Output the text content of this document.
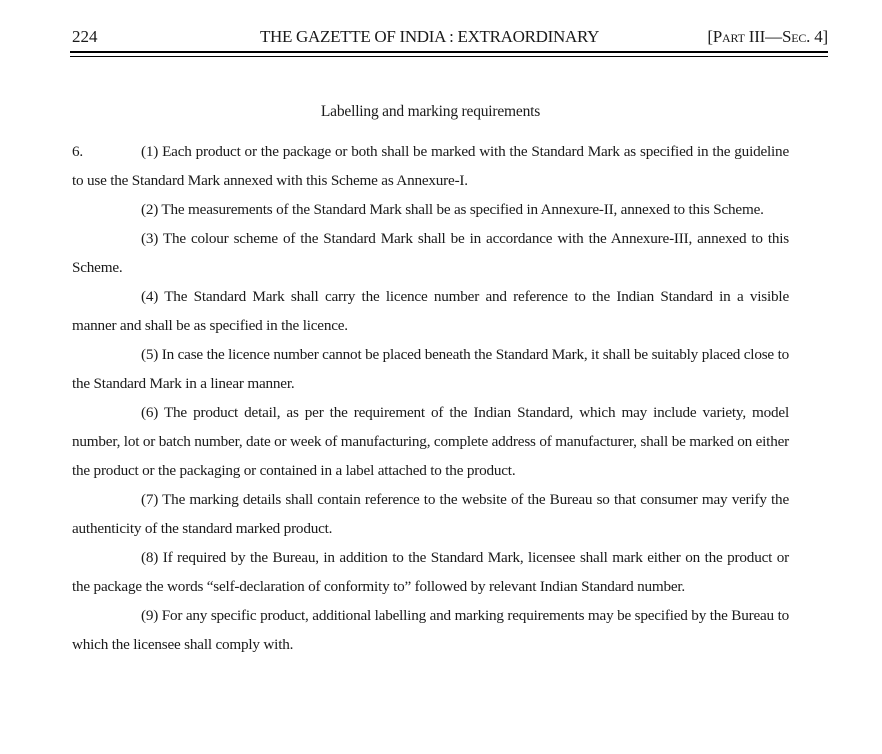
224	THE GAZETTE OF INDIA : EXTRAORDINARY	[Part III—Sec. 4]
Labelling and marking requirements

6.	(1) Each product or the package or both shall be marked with the Standard Mark as specified in the guideline to use the Standard Mark annexed with this Scheme as Annexure-I.

(2) The measurements of the Standard Mark shall be as specified in Annexure-II, annexed to this Scheme.

(3) The colour scheme of the Standard Mark shall be in accordance with the Annexure-III, annexed to this Scheme.

(4) The Standard Mark shall carry the licence number and reference to the Indian Standard in a visible manner and shall be as specified in the licence.

(5) In case the licence number cannot be placed beneath the Standard Mark, it shall be suitably placed close to the Standard Mark in a linear manner.

(6) The product detail, as per the requirement of the Indian Standard, which may include variety, model number, lot or batch number, date or week of manufacturing, complete address of manufacturer, shall be marked on either the product or the packaging or contained in a label attached to the product.

(7) The marking details shall contain reference to the website of the Bureau so that consumer may verify the authenticity of the standard marked product.

(8) If required by the Bureau, in addition to the Standard Mark, licensee shall mark either on the product or the package the words “self-declaration of conformity to” followed by relevant Indian Standard number.

(9) For any specific product, additional labelling and marking requirements may be specified by the Bureau to which the licensee shall comply with.
